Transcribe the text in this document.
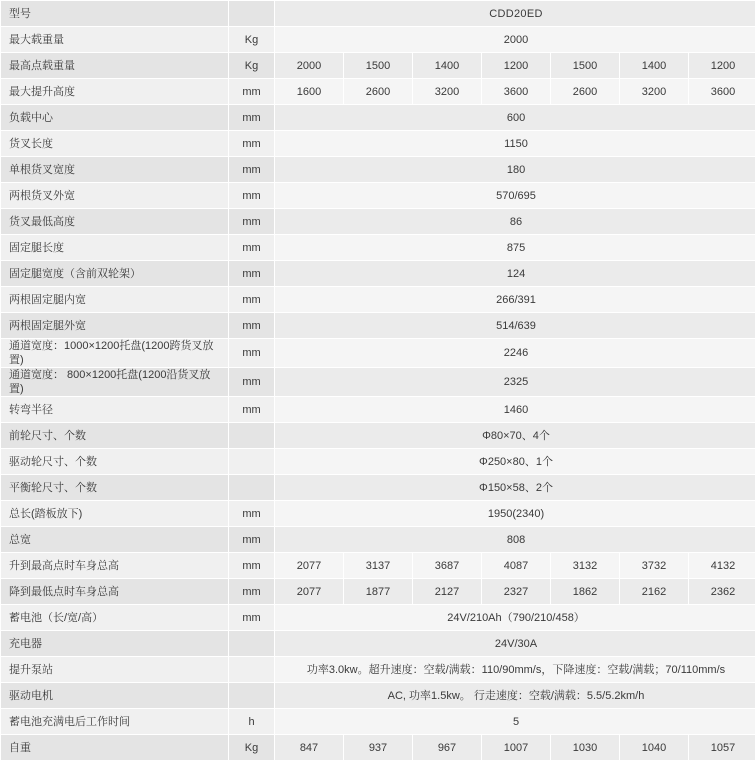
型号		CDD20ED						
最大载重量	Kg	2000						
最高点载重量	Kg	2000	1500	1400	1200	1500	1400	1200
最大提升高度	mm	1600	2600	3200	3600	2600	3200	3600
负载中心	mm	600						
货叉长度	mm	1150						
单根货叉宽度	mm	180						
两根货叉外宽	mm	570/695						
货叉最低高度	mm	86						
固定腿长度	mm	875						
固定腿宽度（含前双轮架）	mm	124						
两根固定腿内宽	mm	266/391						
两根固定腿外宽	mm	514/639						
通道宽度：1000×1200托盘(1200跨货叉放置)	mm	2246						
通道宽度： 800×1200托盘(1200沿货叉放置)	mm	2325						
转弯半径	mm	1460						
前轮尺寸、个数		Φ80×70、4个						
驱动轮尺寸、个数		Φ250×80、1个						
平衡轮尺寸、个数		Φ150×58、2个						
总长(踏板放下)	mm	1950(2340)						
总宽	mm	808						
升到最高点时车身总高	mm	2077	3137	3687	4087	3132	3732	4132
降到最低点时车身总高	mm	2077	1877	2127	2327	1862	2162	2362
蓄电池（长/宽/高）	mm	24V/210Ah（790/210/458）						
充电器		24V/30A						
提升泵站		功率3.0kw。超升速度：空载/满载：110/90mm/s，下降速度：空载/满载；70/110mm/s						
驱动电机		AC, 功率1.5kw。 行走速度：空载/满载：5.5/5.2km/h						
蓄电池充满电后工作时间	h	5						
自重	Kg	847	937	967	1007	1030	1040	1057
